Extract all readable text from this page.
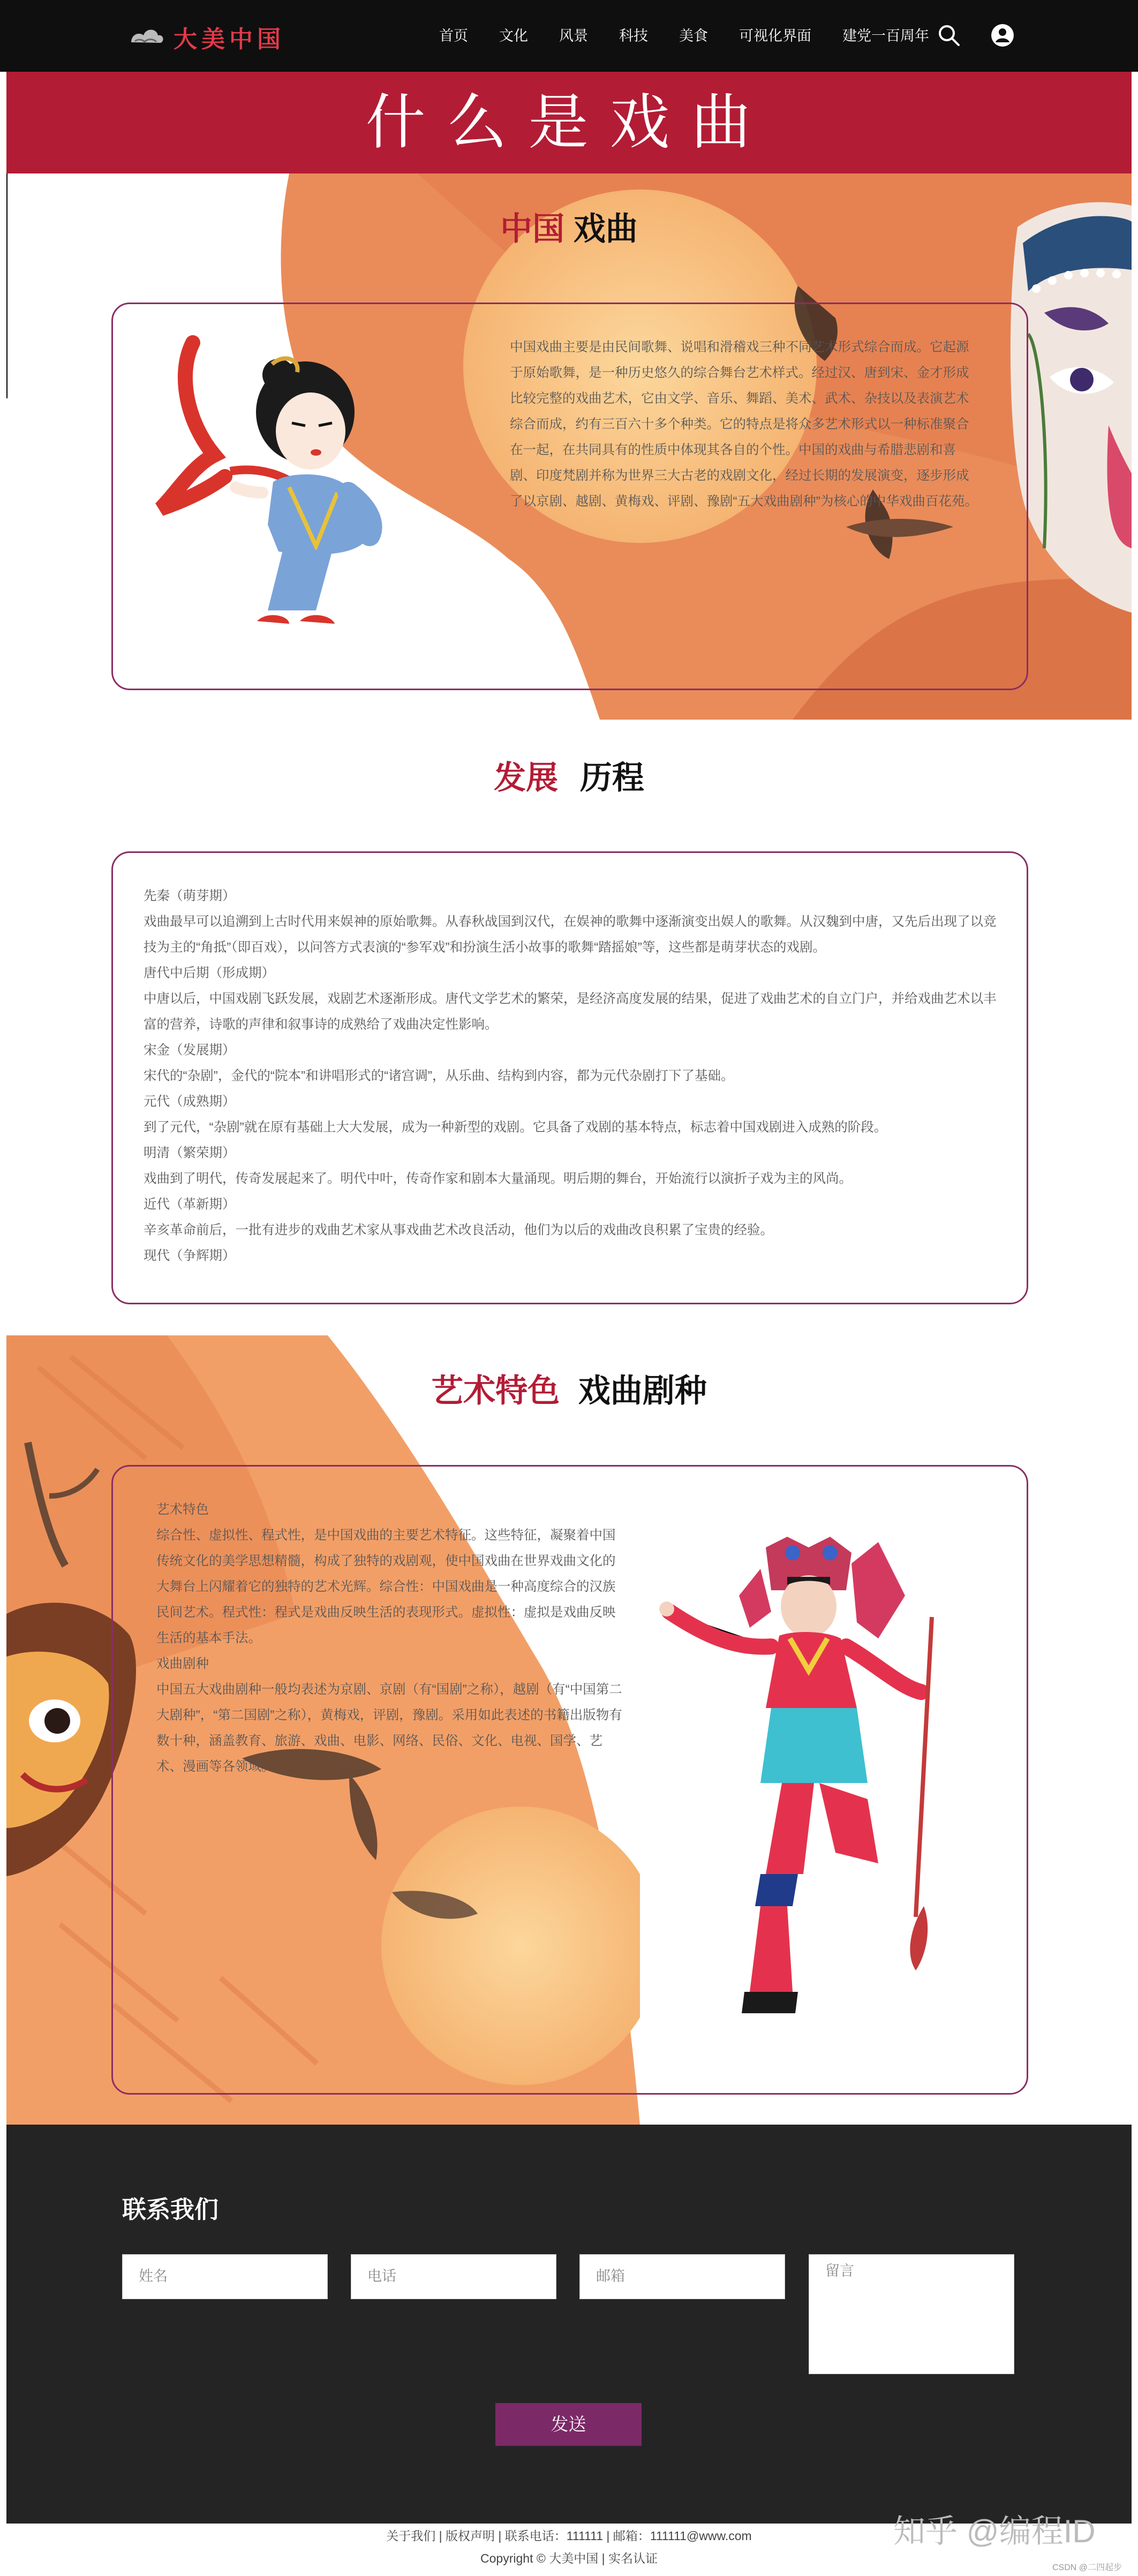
大美中国	首页 文化 风景 科技 美食 可视化界面 建党一百周年
什么是戏曲
中国 戏曲
中国戏曲主要是由民间歌舞、说唱和滑稽戏三种不同艺术形式综合而成。它起源于原始歌舞，是一种历史悠久的综合舞台艺术样式。经过汉、唐到宋、金才形成比较完整的戏曲艺术，它由文学、音乐、舞蹈、美术、武术、杂技以及表演艺术综合而成，约有三百六十多个种类。它的特点是将众多艺术形式以一种标准聚合在一起，在共同具有的性质中体现其各自的个性。中国的戏曲与希腊悲剧和喜剧、印度梵剧并称为世界三大古老的戏剧文化，经过长期的发展演变，逐步形成了以京剧、越剧、黄梅戏、评剧、豫剧“五大戏曲剧种”为核心的中华戏曲百花苑。
发展 历程
先秦（萌芽期）
戏曲最早可以追溯到上古时代用来娱神的原始歌舞。从春秋战国到汉代，在娱神的歌舞中逐渐演变出娱人的歌舞。从汉魏到中唐，又先后出现了以竞技为主的“角抵”（即百戏），以问答方式表演的“参军戏”和扮演生活小故事的歌舞“踏摇娘”等，这些都是萌芽状态的戏剧。
唐代中后期（形成期）
中唐以后，中国戏剧飞跃发展，戏剧艺术逐渐形成。唐代文学艺术的繁荣，是经济高度发展的结果，促进了戏曲艺术的自立门户，并给戏曲艺术以丰富的营养，诗歌的声律和叙事诗的成熟给了戏曲决定性影响。
宋金（发展期）
宋代的“杂剧”，金代的“院本”和讲唱形式的“诸宫调”，从乐曲、结构到内容，都为元代杂剧打下了基础。
元代（成熟期）
到了元代，“杂剧”就在原有基础上大大发展，成为一种新型的戏剧。它具备了戏剧的基本特点，标志着中国戏剧进入成熟的阶段。
明清（繁荣期）
戏曲到了明代，传奇发展起来了。明代中叶，传奇作家和剧本大量涌现。明后期的舞台，开始流行以演折子戏为主的风尚。
近代（革新期）
辛亥革命前后，一批有进步的戏曲艺术家从事戏曲艺术改良活动，他们为以后的戏曲改良积累了宝贵的经验。
现代（争辉期）
艺术特色 戏曲剧种
艺术特色
综合性、虚拟性、程式性，是中国戏曲的主要艺术特征。这些特征，凝聚着中国传统文化的美学思想精髓，构成了独特的戏剧观，使中国戏曲在世界戏曲文化的大舞台上闪耀着它的独特的艺术光辉。综合性：中国戏曲是一种高度综合的汉族民间艺术。程式性：程式是戏曲反映生活的表现形式。虚拟性：虚拟是戏曲反映生活的基本手法。
戏曲剧种
中国五大戏曲剧种一般均表述为京剧、京剧（有“国剧”之称），越剧（有“中国第二大剧种”，“第二国剧”之称），黄梅戏，评剧，豫剧。采用如此表述的书籍出版物有数十种，涵盖教育、旅游、戏曲、电影、网络、民俗、文化、电视、国学、艺术、漫画等各领域。
联系我们
姓名	电话	邮箱	留言
发送
关于我们 | 版权声明 | 联系电话：111111 | 邮箱：111111@www.com
Copyright © 大美中国 | 实名认证
知乎 @编程ID
CSDN @二四起步
